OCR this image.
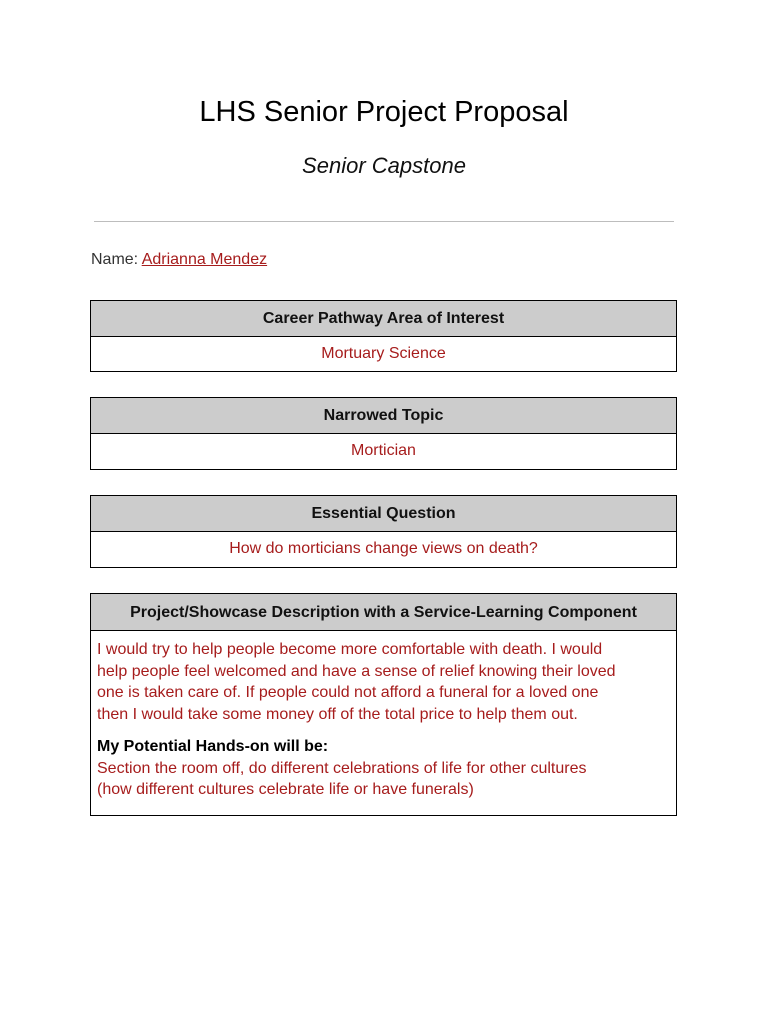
LHS Senior Project Proposal
Senior Capstone
Name: Adrianna Mendez
Career Pathway Area of Interest
Mortuary Science
Narrowed Topic
Mortician
Essential Question
How do morticians change views on death?
Project/Showcase Description with a Service-Learning Component
I would try to help people become more comfortable with death. I would
help people feel welcomed and have a sense of relief knowing their loved
one is taken care of. If people could not afford a funeral for a loved one
then I would take some money off of the total price to help them out.
My Potential Hands-on will be:
Section the room off, do different celebrations of life for other cultures
(how different cultures celebrate life or have funerals)
